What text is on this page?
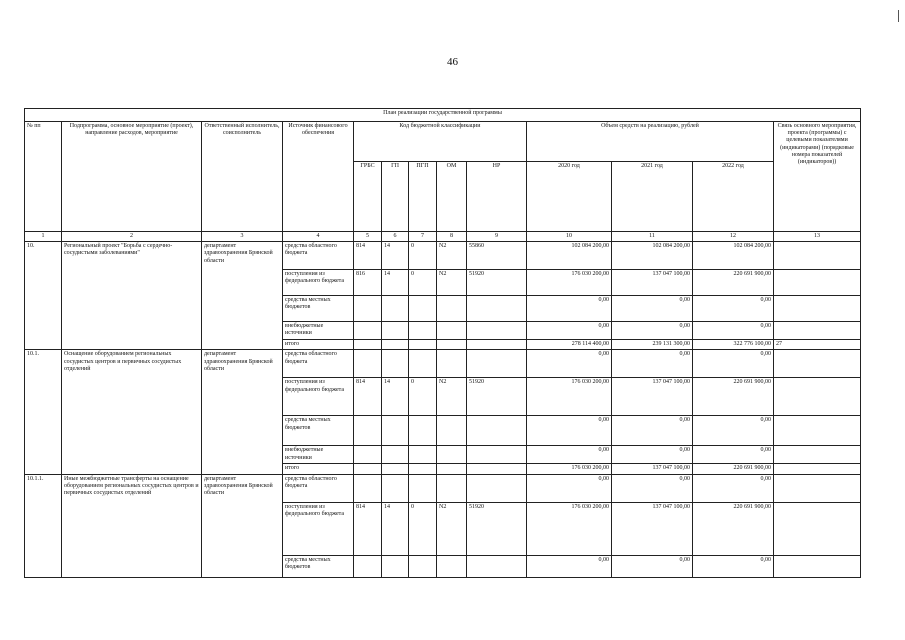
46
План реализации государственной программы												
№ пп	Подпрограмма, основное мероприятие (проект), направление расходов, мероприятие	Ответственный исполнитель, соисполнитель	Источник финансового обеспечения	Код бюджетной классификации					Объем средств на реализацию, рублей			Связь основного мероприятия, проекта (программы) с целевыми показателями (индикаторами) (порядковые номера показателей (индикаторов))
				ГРБС	ГП	ПГП	ОМ	НР	2020 год	2021 год	2022 год	
1	2	3	4	5	6	7	8	9	10	11	12	13
10.	Региональный проект "Борьба с сердечно-сосудистыми заболеваниями"	департамент здравоохранения Брянской области	средства областного бюджета	814	14	0	N2	55860	102 084 200,00	102 084 200,00	102 084 200,00	
			поступления из федерального бюджета	816	14	0	N2	51920	176 030 200,00	137 047 100,00	220 691 900,00	
			средства местных бюджетов						0,00	0,00	0,00	
			внебюджетные источники						0,00	0,00	0,00	
			итого						278 114 400,00	239 131 300,00	322 776 100,00	27
10.1.	Оснащение оборудованием региональных сосудистых центров и первичных сосудистых отделений	департамент здравоохранения Брянской области	средства областного бюджета						0,00	0,00	0,00	
			поступления из федерального бюджета	814	14	0	N2	51920	176 030 200,00	137 047 100,00	220 691 900,00	
			средства местных бюджетов						0,00	0,00	0,00	
			внебюджетные источники						0,00	0,00	0,00	
			итого						176 030 200,00	137 047 100,00	220 691 900,00	
10.1.1.	Иные межбюджетные трансферты на оснащение оборудованием региональных сосудистых центров и первичных сосудистых отделений	департамент здравоохранения Брянской области	средства областного бюджета						0,00	0,00	0,00	
			поступления из федерального бюджета	814	14	0	N2	51920	176 030 200,00	137 047 100,00	220 691 900,00	
			средства местных бюджетов						0,00	0,00	0,00	
